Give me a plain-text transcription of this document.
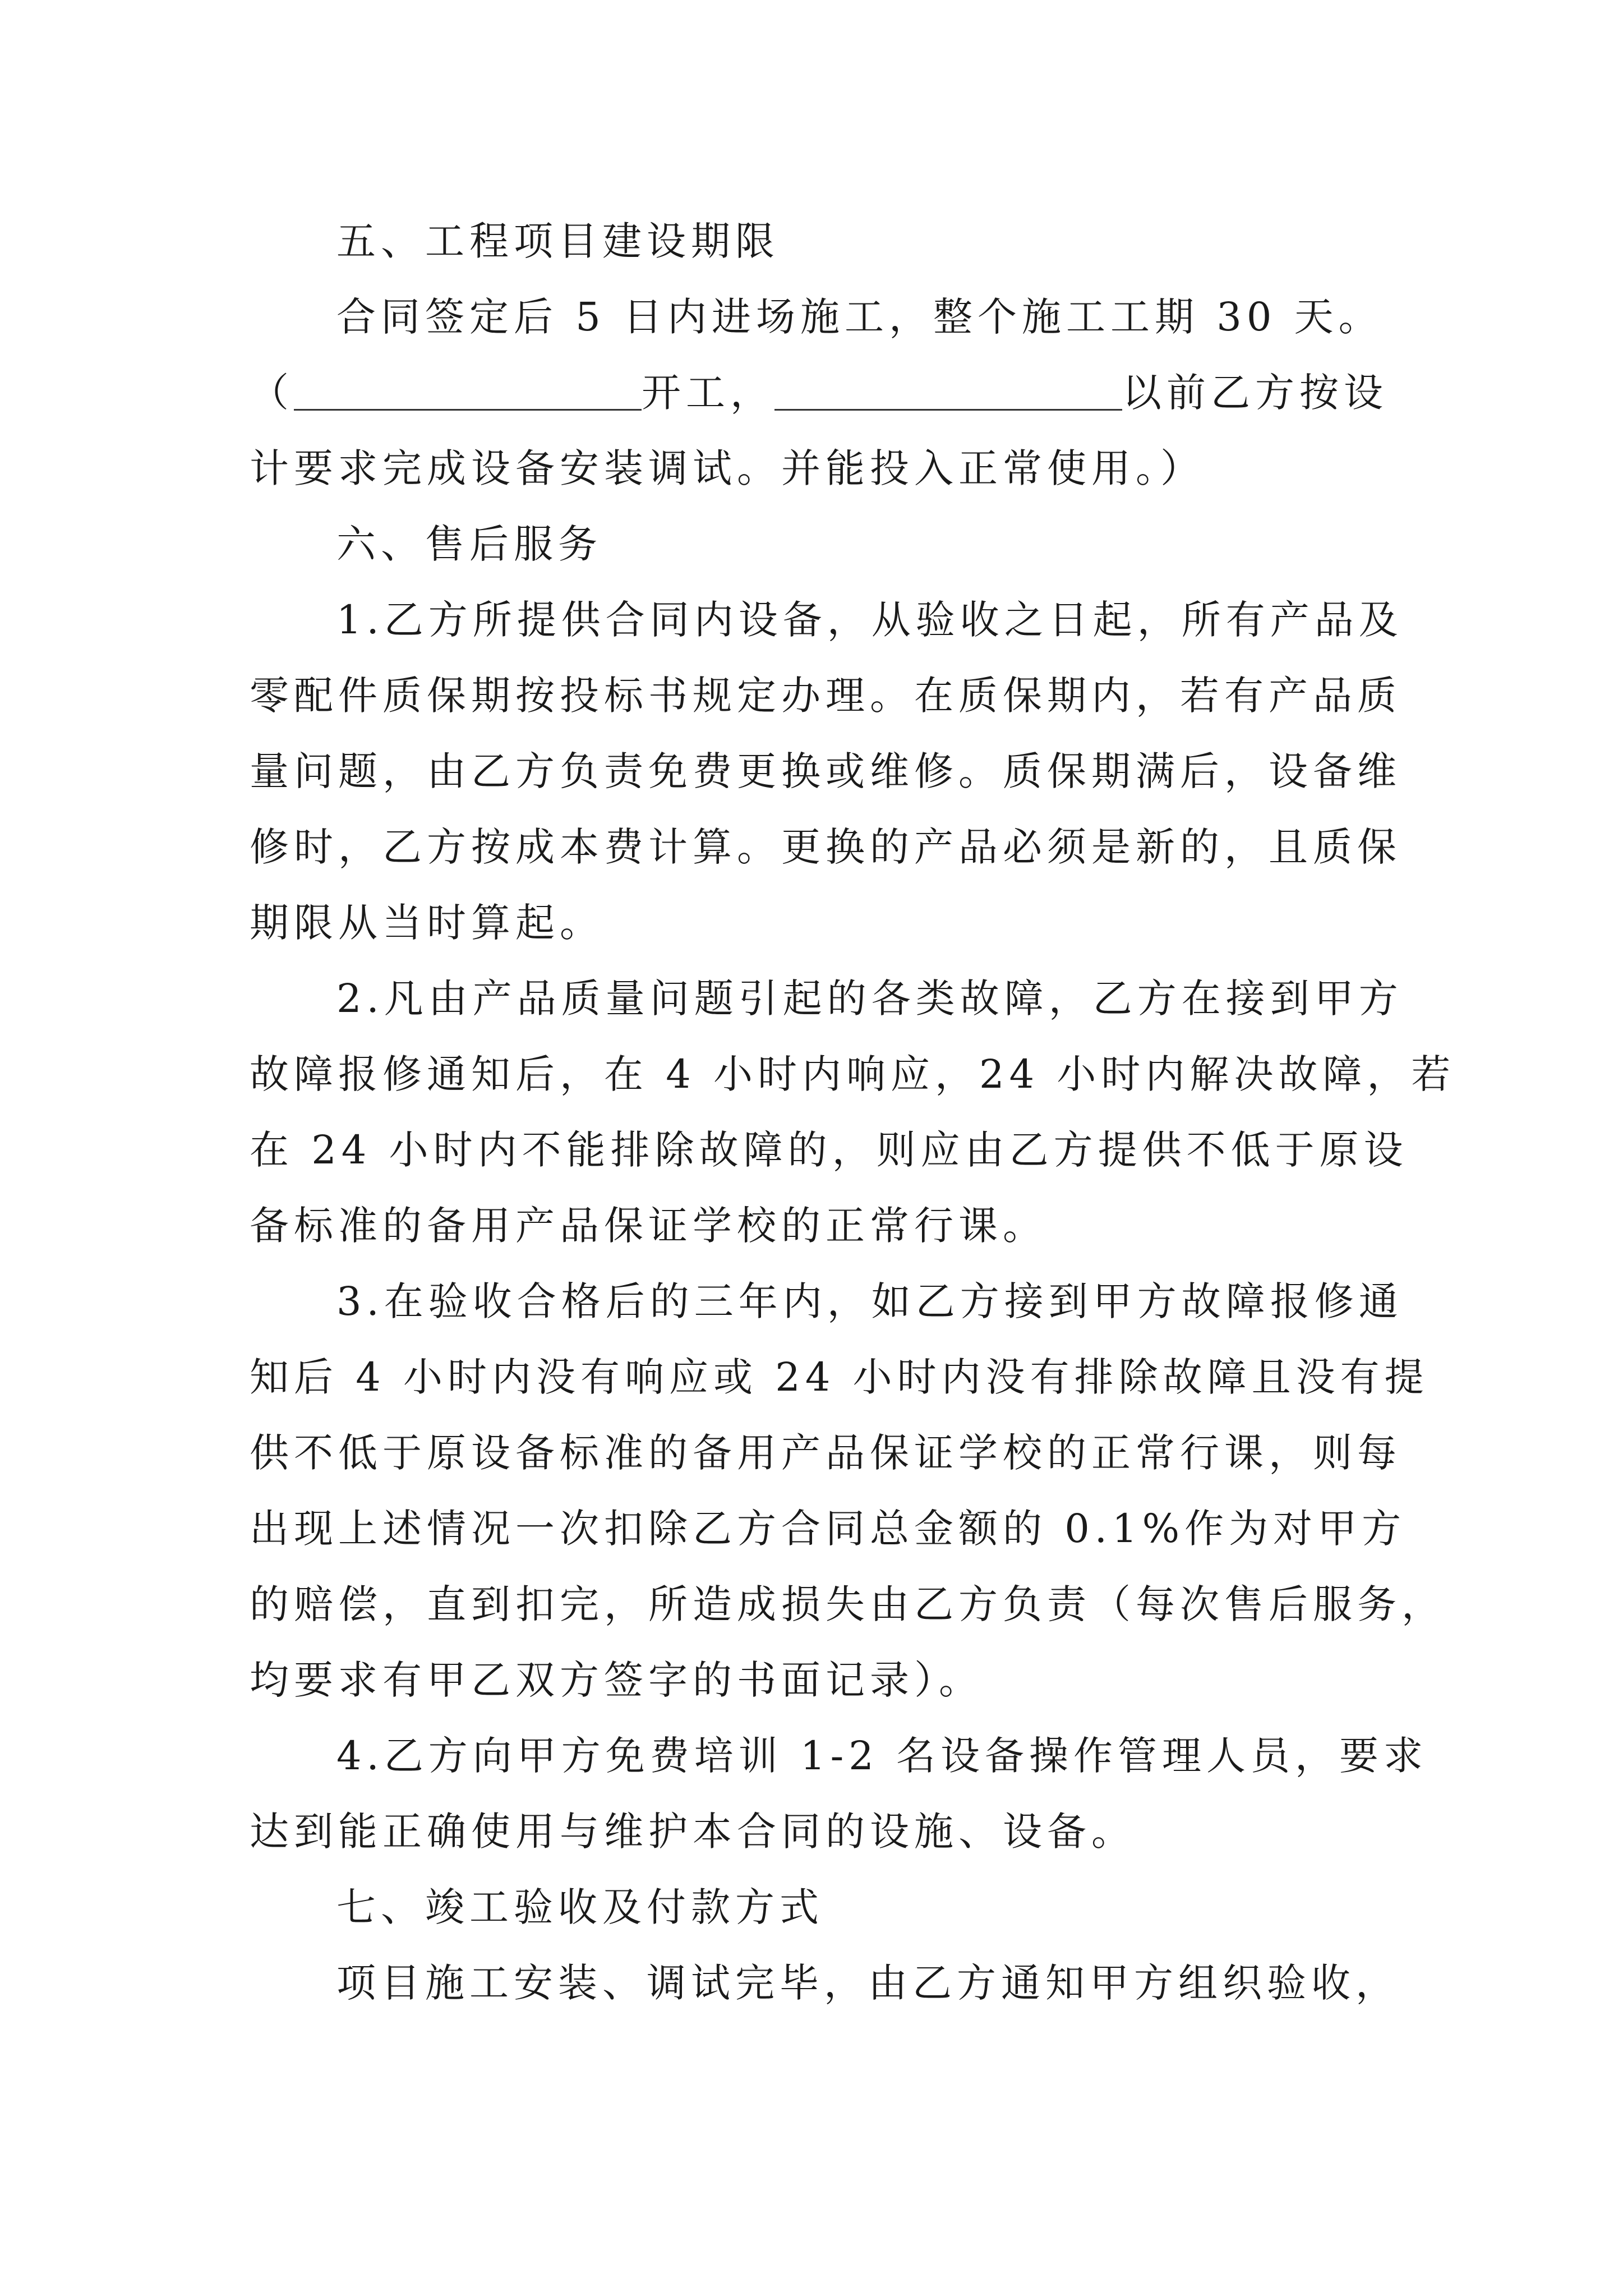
五、工程项目建设期限
合同签定后 5 日内进场施工，整个施工工期 30 天。
（	开工，	以前乙方按设
计要求完成设备安装调试。并能投入正常使用。）
六、售后服务
1.乙方所提供合同内设备，从验收之日起，所有产品及
零配件质保期按投标书规定办理。在质保期内，若有产品质
量问题，由乙方负责免费更换或维修。质保期满后，设备维
修时，乙方按成本费计算。更换的产品必须是新的，且质保
期限从当时算起。
2.凡由产品质量问题引起的各类故障，乙方在接到甲方
故障报修通知后，在 4 小时内响应，24 小时内解决故障，若
在 24 小时内不能排除故障的，则应由乙方提供不低于原设
备标准的备用产品保证学校的正常行课。
3.在验收合格后的三年内，如乙方接到甲方故障报修通
知后 4 小时内没有响应或 24 小时内没有排除故障且没有提
供不低于原设备标准的备用产品保证学校的正常行课，则每
出现上述情况一次扣除乙方合同总金额的 0.1%作为对甲方
的赔偿，直到扣完，所造成损失由乙方负责（每次售后服务，
均要求有甲乙双方签字的书面记录）。
4.乙方向甲方免费培训 1-2 名设备操作管理人员，要求
达到能正确使用与维护本合同的设施、设备。
七、竣工验收及付款方式
项目施工安装、调试完毕，由乙方通知甲方组织验收，
